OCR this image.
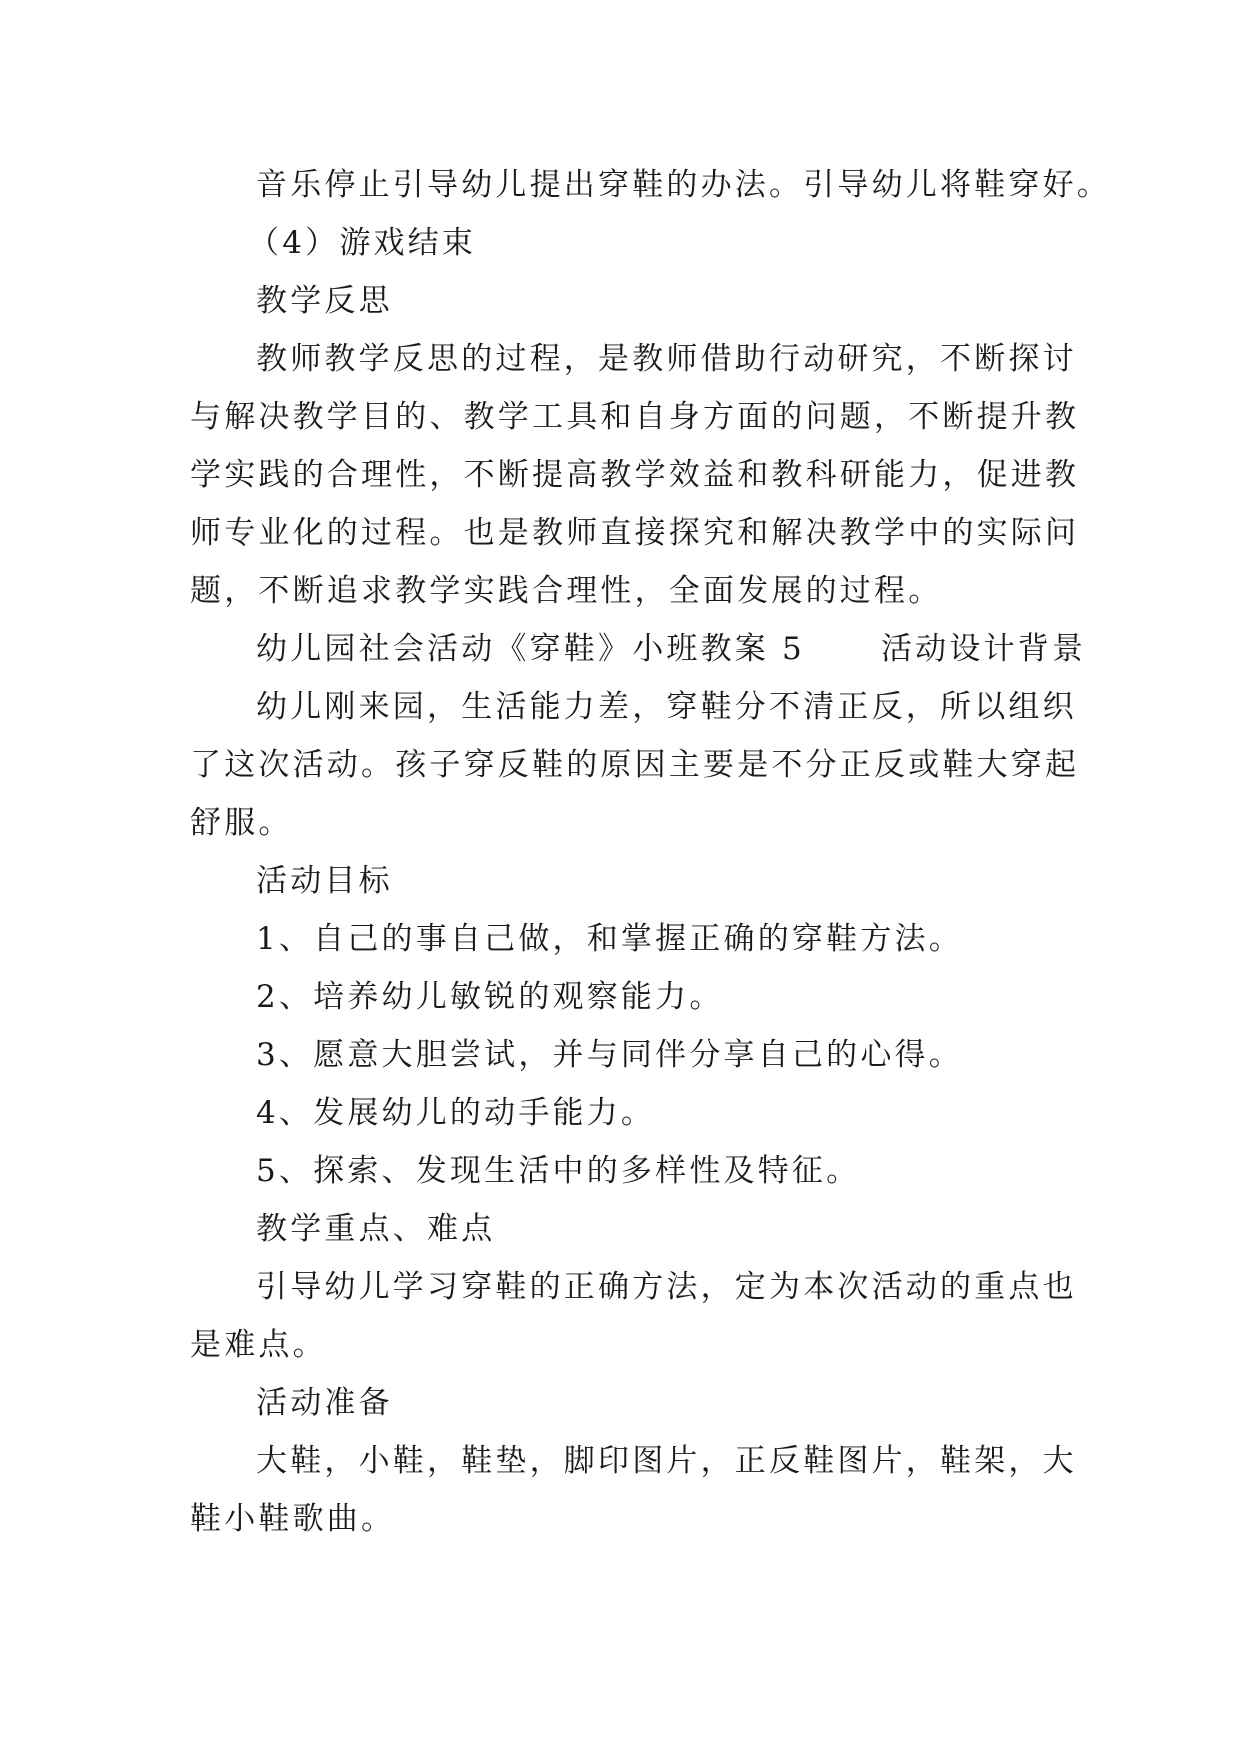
音乐停止引导幼儿提出穿鞋的办法。引导幼儿将鞋穿好。
（4）游戏结束
教学反思
教师教学反思的过程，是教师借助行动研究，不断探讨
与解决教学目的、教学工具和自身方面的问题，不断提升教
学实践的合理性，不断提高教学效益和教科研能力，促进教
师专业化的过程。也是教师直接探究和解决教学中的实际问
题，不断追求教学实践合理性，全面发展的过程。
幼儿园社会活动《穿鞋》小班教案 5 活动设计背景
幼儿刚来园，生活能力差，穿鞋分不清正反，所以组织
了这次活动。孩子穿反鞋的原因主要是不分正反或鞋大穿起
舒服。
活动目标
1、自己的事自己做，和掌握正确的穿鞋方法。
2、培养幼儿敏锐的观察能力。
3、愿意大胆尝试，并与同伴分享自己的心得。
4、发展幼儿的动手能力。
5、探索、发现生活中的多样性及特征。
教学重点、难点
引导幼儿学习穿鞋的正确方法，定为本次活动的重点也
是难点。
活动准备
大鞋，小鞋，鞋垫，脚印图片，正反鞋图片，鞋架，大
鞋小鞋歌曲。
